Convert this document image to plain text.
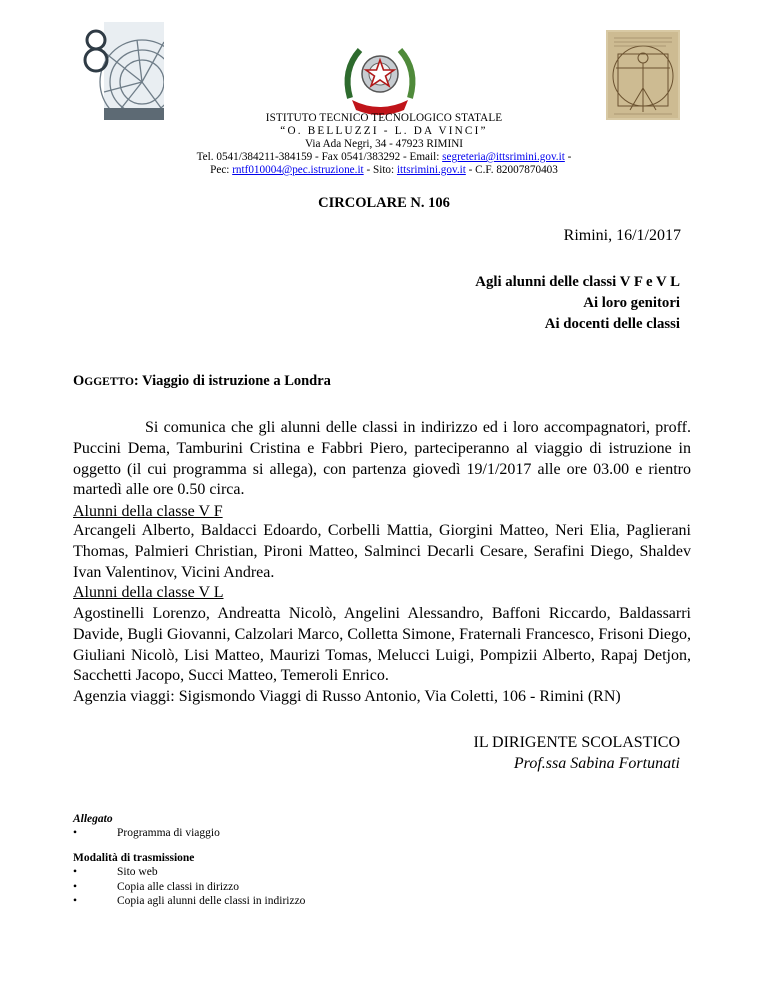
ISTITUTO TECNICO TECNOLOGICO STATALE
“O. BELLUZZI - L. DA VINCI”
Via Ada Negri, 34 - 47923 RIMINI
Tel. 0541/384211-384159 - Fax 0541/383292 - Email: segreteria@ittsrimini.gov.it -
Pec: rntf010004@pec.istruzione.it - Sito: ittsrimini.gov.it - C.F. 82007870403
CIRCOLARE N. 106
Rimini, 16/1/2017
Agli alunni delle classi V F e V L
Ai loro genitori
Ai docenti delle classi
OGGETTO: Viaggio di istruzione a Londra
Si comunica che gli alunni delle classi in indirizzo ed i loro accompagnatori, proff. Puccini Dema, Tamburini Cristina e Fabbri Piero, parteciperanno al viaggio di istruzione in oggetto (il cui programma si allega), con partenza giovedì 19/1/2017 alle ore 03.00 e rientro martedì alle ore 0.50 circa.
Alunni della classe V F
Arcangeli Alberto, Baldacci Edoardo, Corbelli Mattia, Giorgini Matteo, Neri Elia, Paglierani Thomas, Palmieri Christian, Pironi Matteo, Salminci Decarli Cesare, Serafini Diego, Shaldev Ivan Valentinov, Vicini Andrea.
Alunni della classe V L
Agostinelli Lorenzo, Andreatta Nicolò, Angelini Alessandro, Baffoni Riccardo, Baldassarri Davide, Bugli Giovanni, Calzolari Marco, Colletta Simone, Fraternali Francesco, Frisoni Diego, Giuliani Nicolò, Lisi Matteo, Maurizi Tomas, Melucci Luigi, Pompizii Alberto, Rapaj Detjon, Sacchetti Jacopo, Succi Matteo, Temeroli Enrico.
Agenzia viaggi: Sigismondo Viaggi di Russo Antonio, Via Coletti, 106 - Rimini (RN)
IL DIRIGENTE SCOLASTICO
Prof.ssa Sabina Fortunati
Allegato
•	Programma di viaggio
Modalità di trasmissione
•	Sito web
•	Copia alle classi in dirizzo
•	Copia agli alunni delle classi in indirizzo
